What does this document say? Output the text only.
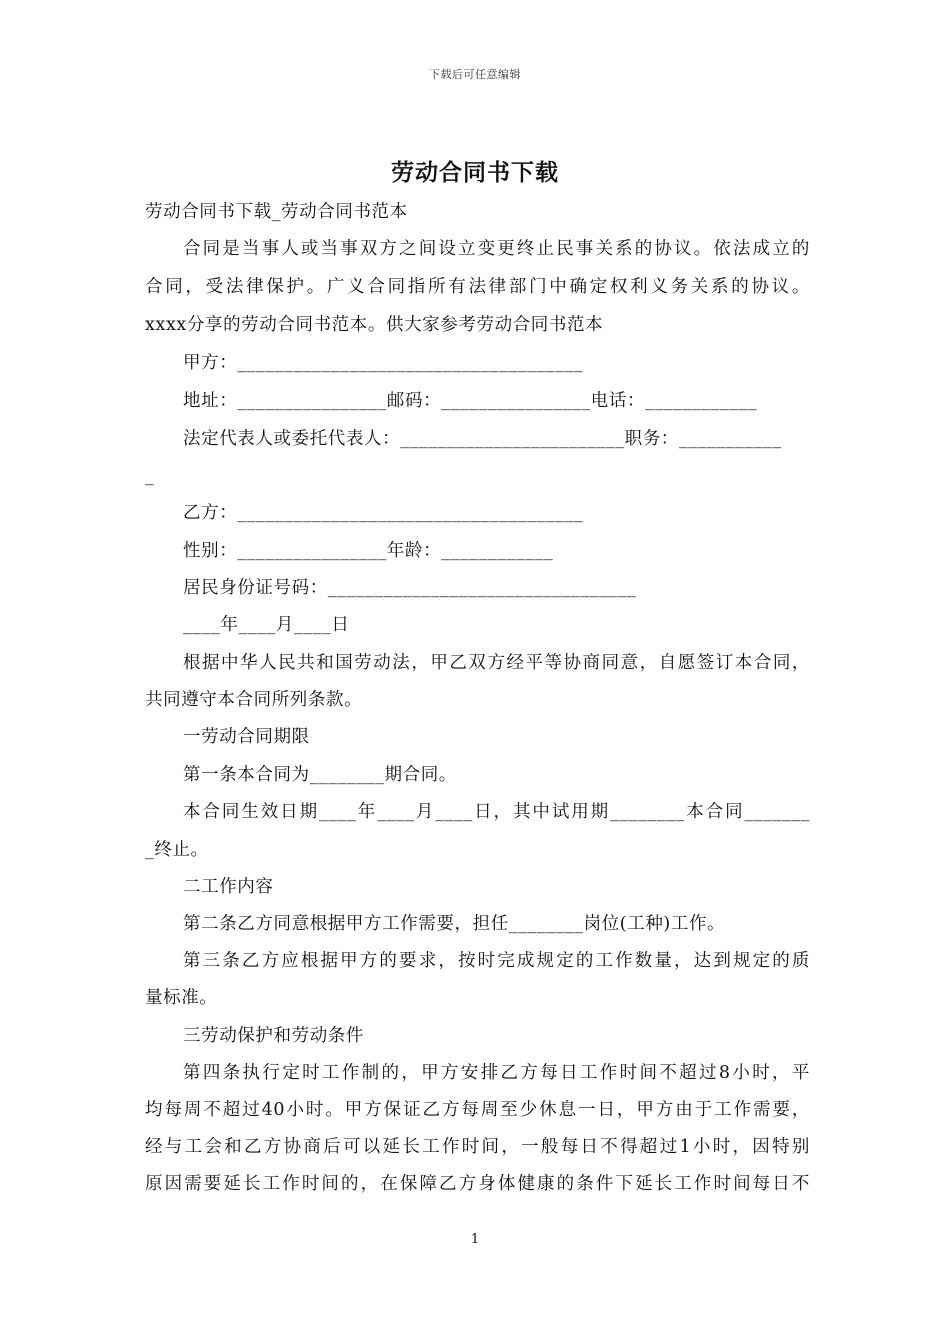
下载后可任意编辑
劳动合同书下载
劳动合同书下载_劳动合同书范本
合同是当事人或当事双方之间设立变更终止民事关系的协议。依法成立的
合同，受法律保护。广义合同指所有法律部门中确定权利义务关系的协议。
xxxx分享的劳动合同书范本。供大家参考劳动合同书范本
甲方：_____________________________________
地址：________________邮码：________________电话：____________
法定代表人或委托代表人：________________________职务：___________
_
乙方：_____________________________________
性别：________________年龄：____________
居民身份证号码：_________________________________
____年____月____日
根据中华人民共和国劳动法，甲乙双方经平等协商同意，自愿签订本合同，
共同遵守本合同所列条款。
一劳动合同期限
第一条本合同为________期合同。
本合同生效日期____年____月____日，其中试用期________本合同_______
_终止。
二工作内容
第二条乙方同意根据甲方工作需要，担任________岗位(工种)工作。
第三条乙方应根据甲方的要求，按时完成规定的工作数量，达到规定的质
量标准。
三劳动保护和劳动条件
第四条执行定时工作制的，甲方安排乙方每日工作时间不超过8小时，平
均每周不超过40小时。甲方保证乙方每周至少休息一日，甲方由于工作需要，
经与工会和乙方协商后可以延长工作时间，一般每日不得超过1小时，因特别
原因需要延长工作时间的，在保障乙方身体健康的条件下延长工作时间每日不
1
